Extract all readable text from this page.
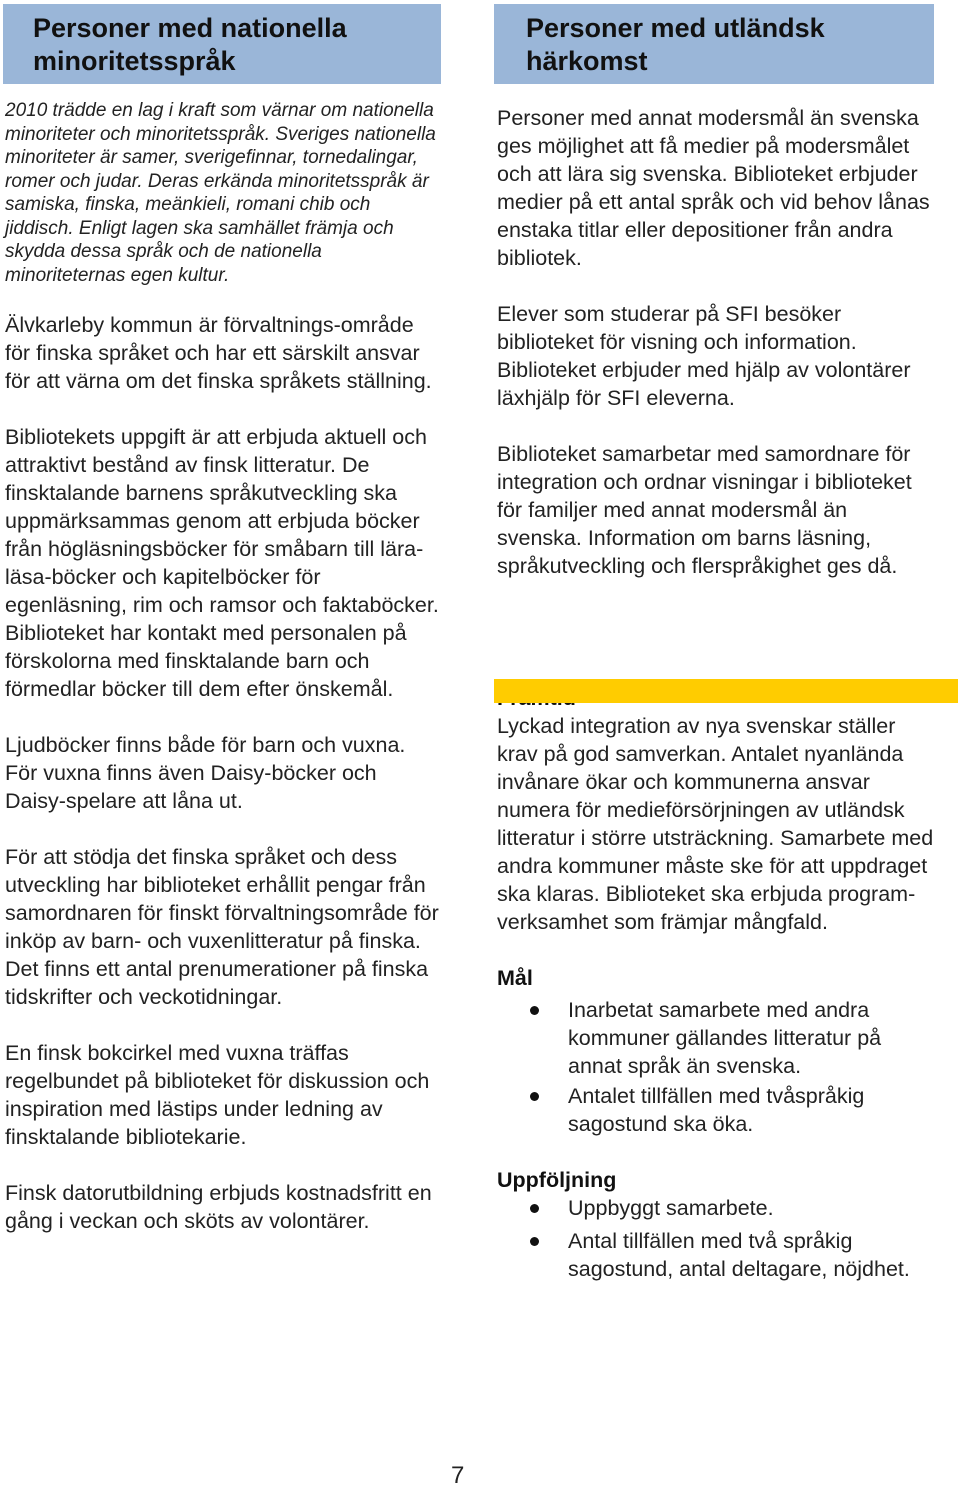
Personer med nationella minoritetsspråk
2010 trädde en lag i kraft som värnar om nationella minoriteter och minoritetsspråk. Sveriges nationella minoriteter är samer, sverigefinnar, tornedalingar, romer och judar. Deras erkända minoritetsspråk är samiska, finska, meänkieli, romani chib och jiddisch. Enligt lagen ska samhället främja och skydda dessa språk och de nationella minoriteternas egen kultur.
Älvkarleby kommun är förvaltnings-område för finska språket och har ett särskilt ansvar för att värna om det finska språkets ställning.
Bibliotekets uppgift är att erbjuda aktuell och attraktivt bestånd av finsk litteratur. De finsktalande barnens språkutveckling ska uppmärksammas genom att erbjuda böcker från högläsningsböcker för småbarn till lära-läsa-böcker och kapitelböcker för egenläsning, rim och ramsor och faktaböcker. Biblioteket har kontakt med personalen på förskolorna med finsktalande barn och förmedlar böcker till dem efter önskemål.
Ljudböcker finns både för barn och vuxna. För vuxna finns även Daisy-böcker och Daisy-spelare att låna ut.
För att stödja det finska språket och dess utveckling har biblioteket erhållit pengar från samordnaren för finskt förvaltningsområde för inköp av barn- och vuxenlitteratur på finska. Det finns ett antal prenumerationer på finska tidskrifter och veckotidningar.
En finsk bokcirkel med vuxna träffas regelbundet på biblioteket för diskussion och inspiration med lästips under ledning av finsktalande bibliotekarie.
Finsk datorutbildning erbjuds kostnadsfritt en gång i veckan och sköts av volontärer.
Personer med utländsk härkomst
Personer med annat modersmål än svenska ges möjlighet att få medier på modersmålet och att lära sig svenska. Biblioteket erbjuder medier på ett antal språk och vid behov lånas enstaka titlar eller depositioner från andra bibliotek.
Elever som studerar på SFI besöker biblioteket för visning och information. Biblioteket erbjuder med hjälp av volontärer läxhjälp för SFI eleverna.
Biblioteket samarbetar med samordnare för integration och ordnar visningar i biblioteket för familjer med annat modersmål än svenska. Information om barns läsning, språkutveckling och flerspråkighet ges då.
Lyckad integration av nya svenskar ställer krav på god samverkan. Antalet nyanlända invånare ökar och kommunerna ansvar numera för medieförsörjningen av utländsk litteratur i större utsträckning. Samarbete med andra kommuner måste ske för att uppdraget ska klaras. Biblioteket ska erbjuda program-verksamhet som främjar mångfald.
Mål
Inarbetat samarbete med andra kommuner gällandes litteratur på annat språk än svenska.
Antalet tillfällen med tvåspråkig sagostund ska öka.
Uppföljning
Uppbyggt samarbete.
Antal tillfällen med två språkig sagostund, antal deltagare, nöjdhet.
7
